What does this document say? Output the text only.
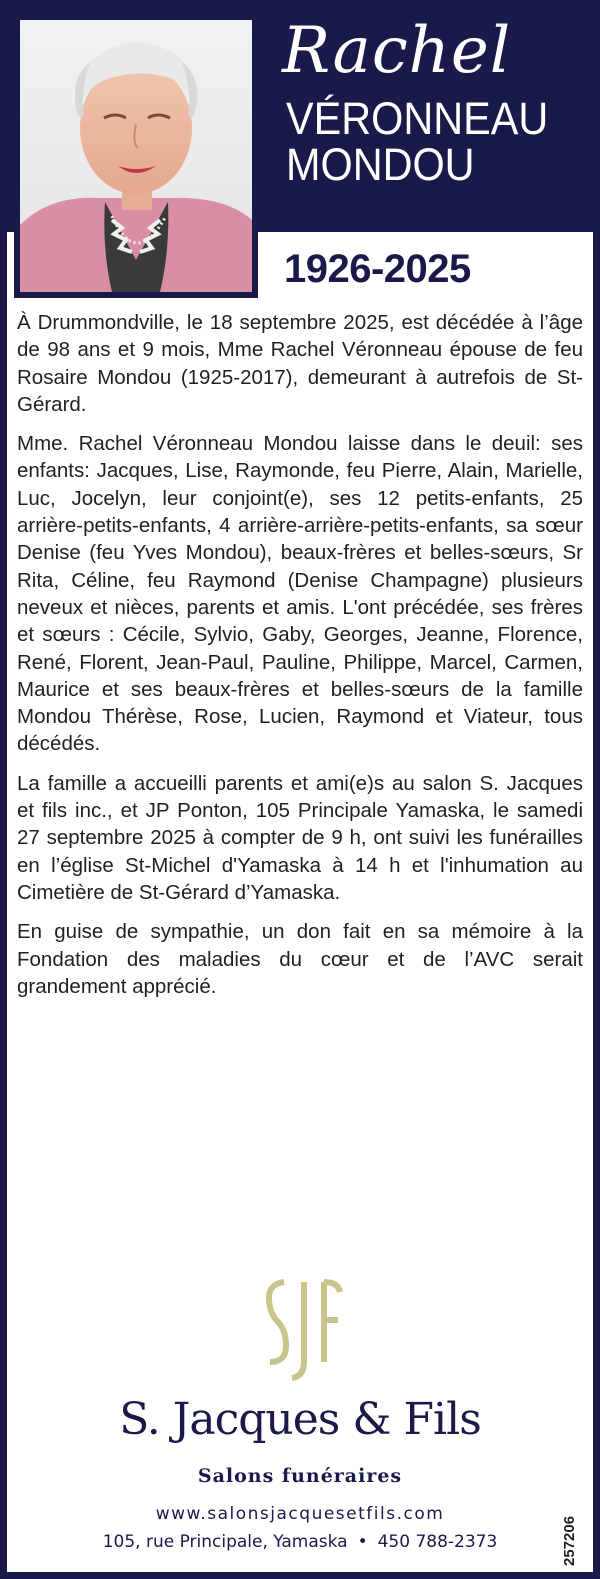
Rachel
VÉRONNEAU
MONDOU
1926-2025

À Drummondville, le 18 septembre 2025, est décédée à l’âge de 98 ans et 9 mois, Mme Rachel Véronneau épouse de feu Rosaire Mondou (1925-2017), demeurant à autrefois de St-Gérard.

Mme. Rachel Véronneau Mondou laisse dans le deuil: ses enfants: Jacques, Lise, Raymonde, feu Pierre, Alain, Marielle, Luc, Jocelyn, leur conjoint(e), ses 12 petits-enfants, 25 arrière-petits-enfants, 4 arrière-arrière-petits-enfants, sa sœur Denise (feu Yves Mondou), beaux-frères et belles-sœurs, Sr Rita, Céline, feu Raymond (Denise Champagne) plusieurs neveux et nièces, parents et amis. L'ont précédée, ses frères et sœurs : Cécile, Sylvio, Gaby, Georges, Jeanne, Florence, René, Florent, Jean-Paul, Pauline, Philippe, Marcel, Carmen, Maurice et ses beaux-frères et belles-sœurs de la famille Mondou Thérèse, Rose, Lucien, Raymond et Viateur, tous décédés.

La famille a accueilli parents et ami(e)s au salon S. Jacques et fils inc., et JP Ponton, 105 Principale Yamaska, le samedi 27 septembre 2025 à compter de 9 h, ont suivi les funérailles en l’église St-Michel d'Yamaska à 14 h et l'inhumation au Cimetière de St-Gérard d’Yamaska.

En guise de sympathie, un don fait en sa mémoire à la Fondation des maladies du cœur et de l’AVC serait grandement apprécié.

S. Jacques & Fils
Salons funéraires
www.salonsjacquesetfils.com
105, rue Principale, Yamaska • 450 788-2373	257206
